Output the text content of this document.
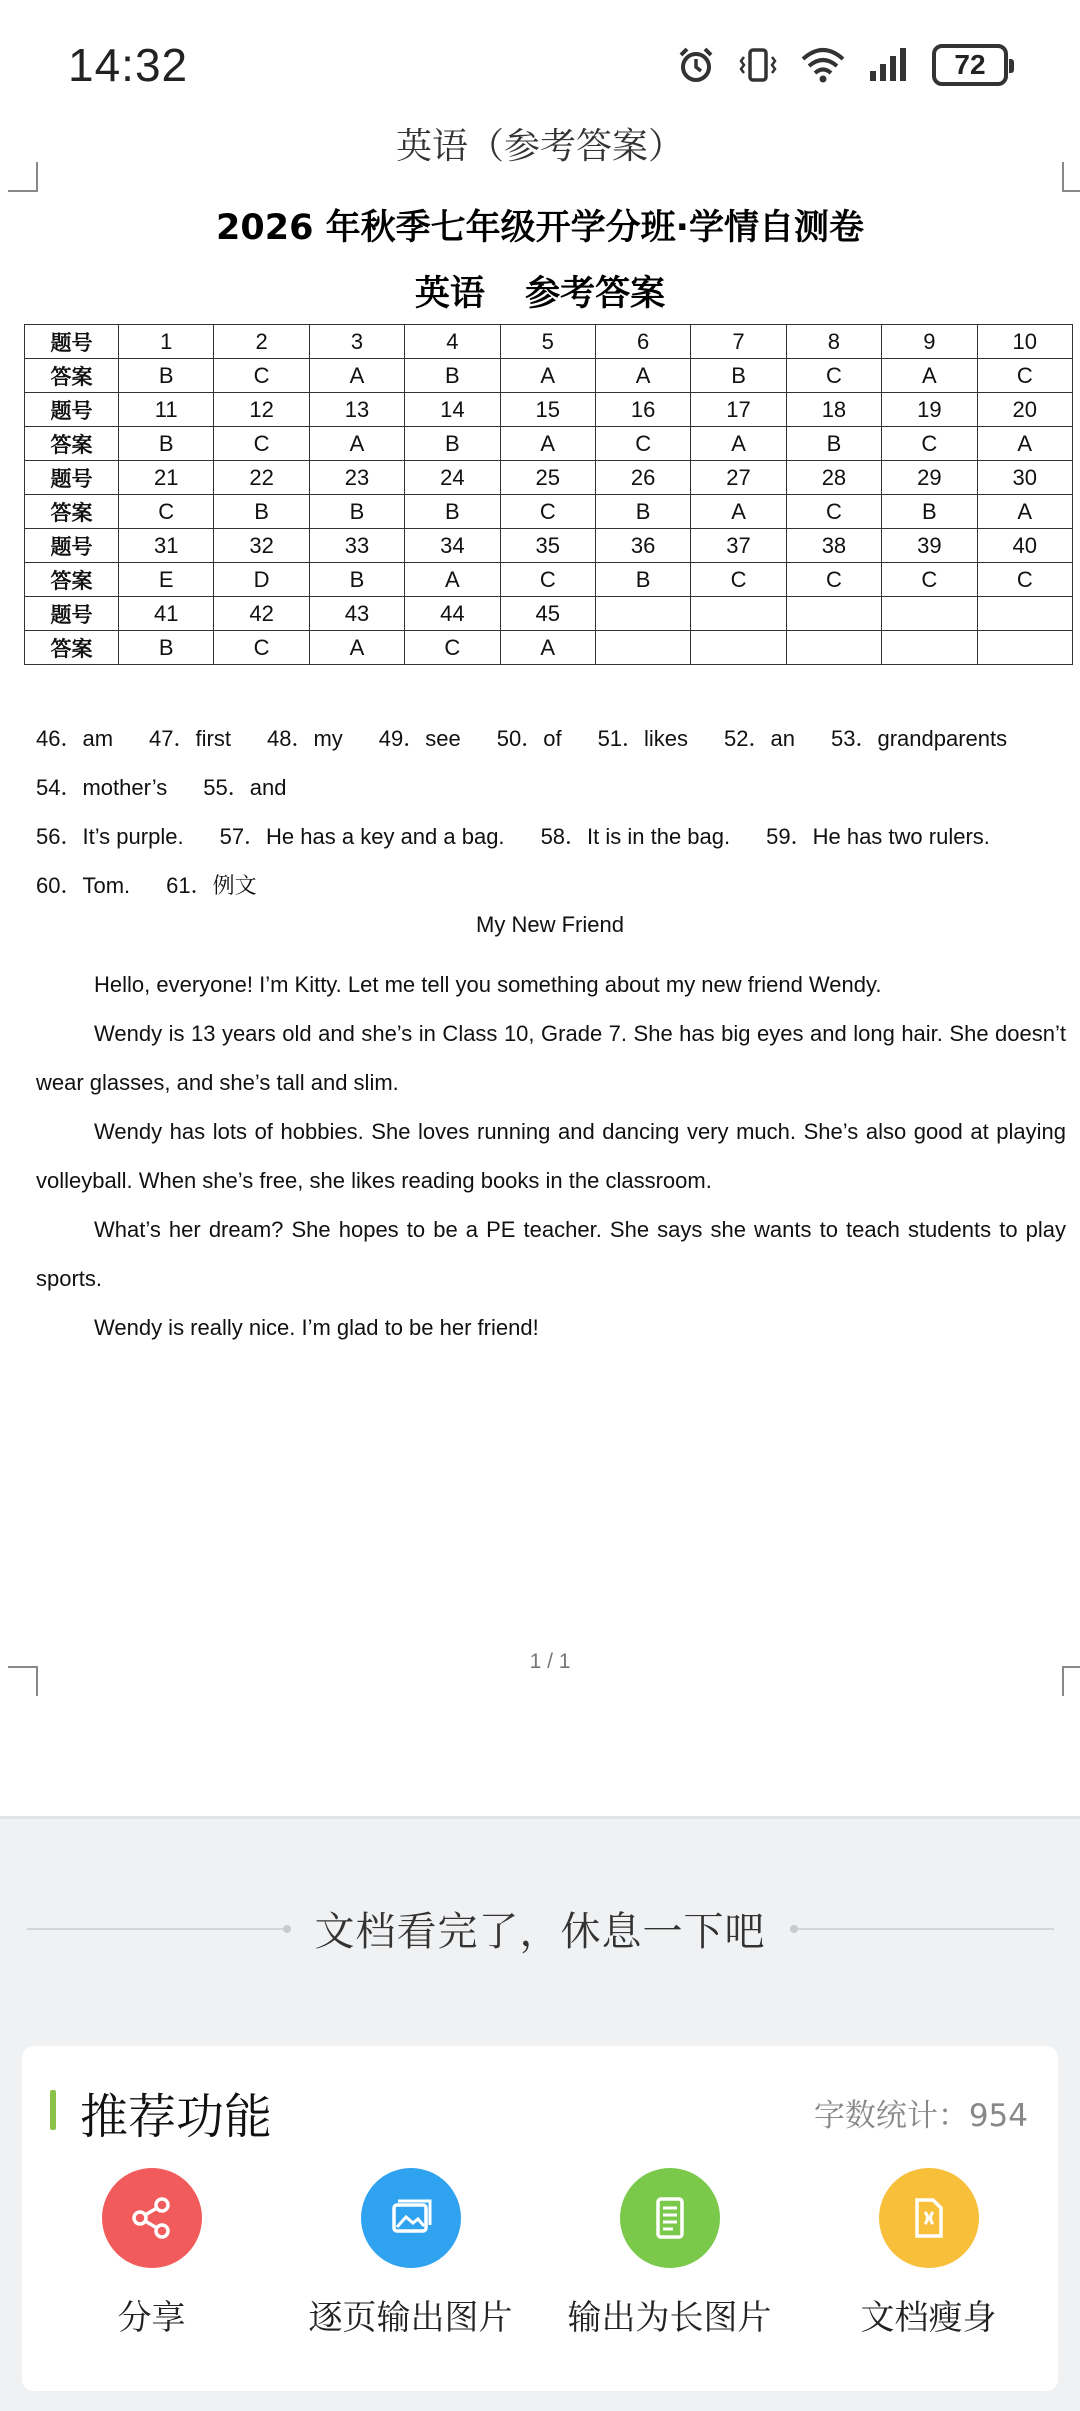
14:32	72
英语（参考答案）
2026 年秋季七年级开学分班·学情自测卷
英语 参考答案
题号	1	2	3	4	5	6	7	8	9	10
答案	B	C	A	B	A	A	B	C	A	C
题号	11	12	13	14	15	16	17	18	19	20
答案	B	C	A	B	A	C	A	B	C	A
题号	21	22	23	24	25	26	27	28	29	30
答案	C	B	B	B	C	B	A	C	B	A
题号	31	32	33	34	35	36	37	38	39	40
答案	E	D	B	A	C	B	C	C	C	C
题号	41	42	43	44	45					
答案	B	C	A	C	A					
46．am 47．first 48．my 49．see 50．of 51．likes 52．an 53．grandparents
54．mother’s 55．and
56．It’s purple. 57．He has a key and a bag. 58．It is in the bag. 59．He has two rulers.
60．Tom. 61．例文
My New Friend

Hello, everyone! I’m Kitty. Let me tell you something about my new friend Wendy.

Wendy is 13 years old and she’s in Class 10, Grade 7. She has big eyes and long hair. She doesn’t wear glasses, and she’s tall and slim.

Wendy has lots of hobbies. She loves running and dancing very much. She’s also good at playing volleyball. When she’s free, she likes reading books in the classroom.

What’s her dream? She hopes to be a PE teacher. She says she wants to teach students to play sports.

Wendy is really nice. I’m glad to be her friend!

1 / 1
文档看完了，休息一下吧
推荐功能	字数统计：954
分享	逐页输出图片 输出为长图片	文档瘦身
